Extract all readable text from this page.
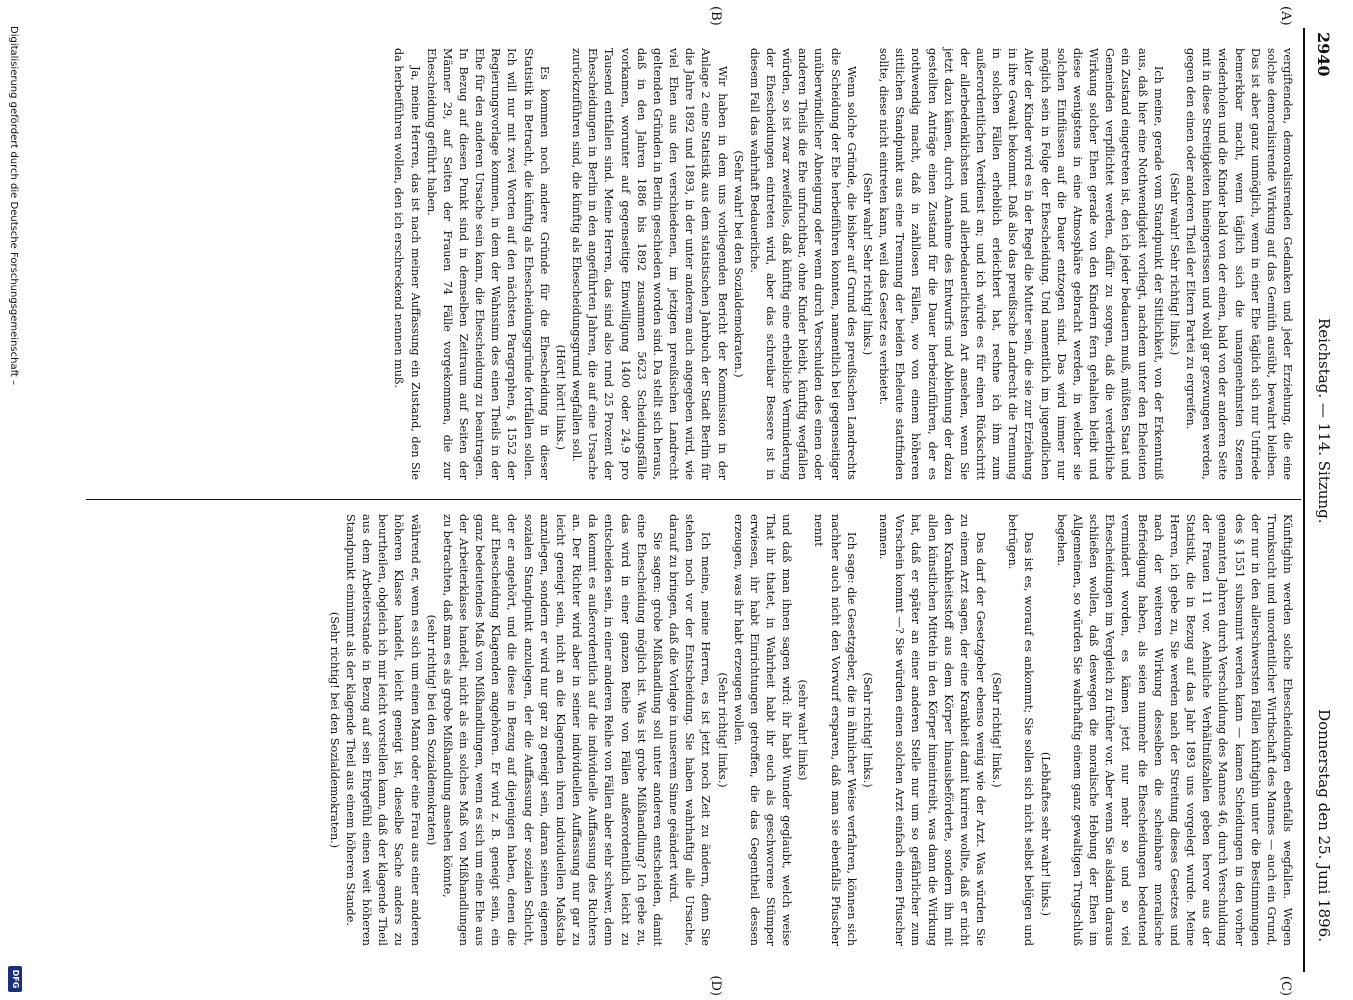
2940
Reichstag. — 114. Sitzung.
Donnerstag den 25. Juni 1896.
(A)
(B)
(C)
(D)

vergiftenden, demoralisirenden Gedanken und jeder Erziehung, die eine solche demoralisirende Wirkung auf das Gemüth ausübt, bewahrt bleiben. Das ist aber ganz unmöglich, wenn in einer Ehe täglich sich nur Unfriede bemerkbar macht, wenn täglich sich die unangenehmsten Szenen wiederholen und die Kinder bald von der einen, bald von der anderen Seite mit in diese Streitigkeiten hineingerissen und wohl gar gezwungen werden, gegen den einen oder anderen Theil der Eltern Partei zu ergreifen.

(Sehr wahr! Sehr richtig! links.)

Ich meine, gerade vom Standpunkt der Sittlichkeit, von der Erkenntniß aus, daß hier eine Nothwendigkeit vorliegt, nachdem unter den Eheleuten ein Zustand eingetreten ist, den ich jeder bedauern muß, müßten Staat und Gemeinden verpflichtet werden, dafür zu sorgen, daß die verderbliche Wirkung solcher Ehen gerade von den Kindern fern gehalten bleibt und diese wenigstens in eine Atmosphäre gebracht werden, in welcher sie solchen Einflüssen auf die Dauer entzogen sind. Das wird immer nur möglich sein in Folge der Ehescheidung. Und namentlich im jugendlichen Alter der Kinder wird es in der Regel die Mutter sein, die sie zur Erziehung in ihre Gewalt bekommt. Daß also das preußische Landrecht die Trennung in solchen Fällen erheblich erleichtert hat, rechne ich ihm zum außerordentlichen Verdienst an; und ich würde es für einen Rückschritt der allerbedenklichsten und allerbedauerlichsten Art ansehen, wenn Sie jetzt dazu kämen, durch Annahme des Entwurfs und Ablehnung der dazu gestellten Anträge einen Zustand für die Dauer herbeizuführen, der es nothwendig macht, daß in zahllosen Fällen, wo von einem höheren sittlichen Standpunkt aus eine Trennung der beiden Eheleute stattfinden sollte, diese nicht eintreten kann, weil das Gesetz es verbietet.

(Sehr wahr! Sehr richtig! links.)

Wenn solche Gründe, die bisher auf Grund des preußischen Landrechts die Scheidung der Ehe herbeiführen konnten, namentlich bei gegenseitiger unüberwindlicher Abneigung oder wenn durch Verschulden des einen oder anderen Theils die Ehe unfruchtbar, ohne Kinder bleibt, künftig wegfallen würden, so ist zwar zweifellos, daß künftig eine erhebliche Verminderung der Ehescheidungen eintreten wird, aber das schreibar Bessere ist in diesem Fall das wahrhaft Bedauerliche.

(Sehr wahr! bei den Sozialdemokraten.)

Wir haben in dem uns vorliegenden Bericht der Kommission in der Anlage 2 eine Statistik aus dem statistischen Jahrbuch der Stadt Berlin für die Jahre 1892 und 1893, in der unter anderem auch angegeben wird, wie viel Ehen aus den verschiedenen, im jetzigen preußischen Landrecht geltenden Gründen in Berlin geschieden worden sind. Da stellt sich heraus, daß in den Jahren 1886 bis 1892 zusammen 5623 Scheidungsfälle vorkamen, worunter auf gegenseitige Einwilligung 1400 oder 24,9 pro Tausend entfallen sind. Meine Herren, das sind also rund 25 Prozent der Ehescheidungen in Berlin in den angeführten Jahren, die auf eine Ursache zurückzuführen sind, die künftig als Ehescheidungsgrund wegfallen soll.

(Hört! hört! links.)

Es kommen noch andere Gründe für die Ehescheidung in dieser Statistik in Betracht, die künftig als Ehescheidungsgründe fortfallen sollen. Ich will nur mit zwei Worten auf den nächsten Paragraphen, § 1552 der Regierungsvorlage kommen, in dem der Wahnsinn des einen Theils in der Ehe für den anderen Ursache sein kann, die Ehescheidung zu beantragen. In Bezug auf diesen Punkt sind in demselben Zeitraum auf Seiten der Männer 29, auf Seiten der Frauen 74 Fälle vorgekommen, die zur Ehescheidung geführt haben.

Ja, meine Herren, das ist nach meiner Auffassung ein Zustand, den Sie da herbeiführen wollen, den ich erschreckend nennen muß.

Künftighin werden solche Ehescheidungen ebenfalls wegfallen. Wegen Trunksucht und unordentlicher Wirthschaft des Mannes — auch ein Grund, der nur in den allerschwersten Fällen künftighin unter die Bestimmungen des § 1551 subsumirt werden kann — kamen Scheidungen in den vorher genannten Jahren durch Verschuldung des Mannes 46, durch Verschuldung der Frauen 11 vor. Aehnliche Verhältnißzahlen geben hervor aus der Statistik, die in Bezug auf das Jahr 1893 uns vorgelegt wurde. Meine Herren, ich gebe zu, Sie werden nach der Streitung dieses Gesetzes und nach der weiteren Wirkung desselben die scheinbare moralische Befriedigung haben, als seien nunmehr die Ehescheidungen bedeutend vermindert worden, es kämen jetzt nur mehr so und so viel Ehescheidungen im Vergleich zu früher vor. Aber wenn Sie alsdann daraus schließen wollen, daß deswegen die moralische Hebung der Ehen im Allgemeinen, so würden Sie wahrhaftig einem ganz gewaltigen Trugschluß begehen.

(Lebhaftes sehr wahr! links.)

Das ist es, worauf es ankommt; Sie sollen sich nicht selbst belügen und betrügen.

(Sehr richtig! links.)

Das darf der Gesetzgeber ebenso wenig wie der Arzt. Was würden Sie zu einem Arzt sagen, der eine Krankheit damit kuriren wollte, daß er nicht den Krankheitsstoff aus dem Körper hinausbeförderte, sondern ihn mit allen künstlichen Mitteln in den Körper hineintreibt, was dann die Wirkung hat, daß er später an einer anderen Stelle nur um so gefährlicher zum Vorschein kommt —? Sie würden einen solchen Arzt einfach einen Pfuscher nennen.

(Sehr richtig! links.)

Ich sage: die Gesetzgeber, die in ähnlicher Weise verfahren, können sich nachher auch nicht den Vorwurf ersparen, daß man sie ebenfalls Pfuscher nennt

(sehr wahr! links)

und daß man ihnen sagen wird: ihr habt Wunder geglaubt, welch weise That ihr thatet, in Wahrheit habt ihr euch als geschworene Stümper erwiesen, ihr habt Einrichtungen getroffen, die das Gegentheil dessen erzeugen, was ihr habt erzeugen wollen.

(Sehr richtig! links.)

Ich meine, meine Herren, es ist jetzt noch Zeit zu ändern, denn Sie stehen noch vor der Entscheidung. Sie haben wahrhaftig alle Ursache, darauf zu bringen, daß die Vorlage in unserem Sinne geändert wird.

Sie sagen: grobe Mißhandlung soll unter anderen entscheiden, damit eine Ehescheidung möglich ist. Was ist grobe Mißhandlung? Ich gebe zu, das wird in einer ganzen Reihe von Fällen außerordentlich leicht zu entscheiden sein, in einer anderen Reihe von Fällen aber sehr schwer, denn da kommt es außerordentlich auf die individuelle Auffassung des Richters an. Der Richter wird aber in seiner individuellen Auffassung nur gar zu leicht geneigt sein, nicht an die Klagenden ihren individuellen Maßstab anzulegen, sondern er wird nur gar zu geneigt sein, daran seinen eigenen sozialen Standpunkt anzulegen, der die Auffassung der sozialen Schicht, der er angehört, und die diese in Bezug auf diejenigen haben, denen die auf Ehescheidung Klagenden angehören. Er wird z. B. geneigt sein, ein ganz bedeutendes Maß von Mißhandlungen, wenn es sich um eine Ehe aus der Arbeiterklasse handelt, nicht als ein solches Maß von Mißhandlungen zu betrachten, daß man es als grobe Mißhandlung ansehen könnte,

(sehr richtig! bei den Sozialdemokraten)

während er, wenn es sich um einen Mann oder eine Frau aus einer anderen höheren Klasse handelt, leicht geneigt ist, dieselbe Sache anders zu beurtheilen, obgleich ich mir leicht vorstellen kann, daß der klagende Theil aus dem Arbeiterstande in Bezug auf sein Ehrgefühl einen weit höheren Standpunkt einnimmt als der klagende Theil aus einem höheren Stande.

(Sehr richtig! bei den Sozialdemokraten.)

Digitalisierung gefördert durch die Deutsche Forschungsgemeinschaft –
DFG
